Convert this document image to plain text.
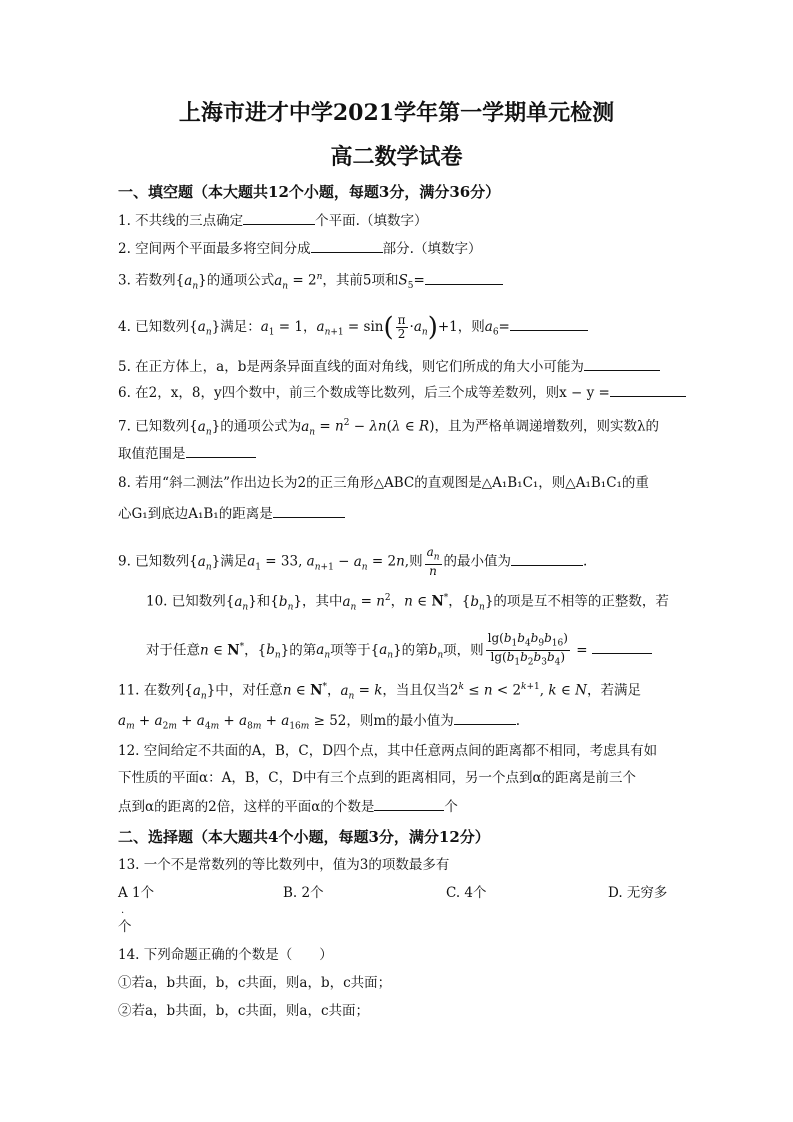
上海市进才中学2021学年第一学期单元检测
高二数学试卷
一、填空题（本大题共12个小题，每题3分，满分36分）
1. 不共线的三点确定	个平面.（填数字）
2. 空间两个平面最多将空间分成	部分.（填数字）
3. 若数列$\{a_n\}$的通项公式$a_n = 2^n$，其前5项和$S_5=$
4. 已知数列$\{a_n\}$满足：$a_1 = 1$，$a_{n+1} = \sin( \frac{\pi}{2} \cdot a_n)+1$，则$a_6=$
5. 在正方体上，a，b是两条异面直线的面对角线，则它们所成的角大小可能为
6. 在2，x，8，y四个数中，前三个数成等比数列，后三个成等差数列，则x − y =
7. 已知数列$\{a_n\}$的通项公式为$a_n = n^2 - \lambda n(\lambda$ ∈ R)，且为严格单调递增数列，则实数λ的
取值范围是
8. 若用“斜二测法”作出边长为2的正三角形△ABC的直观图是△A₁B₁C₁，则△A₁B₁C₁的重
心G₁到底边A₁B₁的距离是
9. 已知数列$\{a_n\}$满足$a_1 = 33$, $a_{n+1} - a_n = 2n$,则 $\frac{a_n}{n}$ 的最小值为	.
10. 已知数列$\{a_n\}$和$\{b_n\}$，其中$a_n = n^2$，n ∈ N*，$\{b_n\}$的项是互不相等的正整数，若
对于任意n ∈ N*，$\{b_n\}$的第$a_n$项等于$\{a_n\}$的第$b_n$项，则 $\frac{\lg(b_1b_4b_9b_{16})}{\lg(b_1b_2b_3b_4)}$ =
11. 在数列$\{a_n\}$中，对任意n ∈ N*，$a_n = k$，当且仅当$2^k \le n < 2^{k+1}$, k ∈ N，若满足
$a_m + a_{2m} + a_{4m} + a_{8m} + a_{16m} \ge 52$，则m的最小值为	.
12. 空间给定不共面的A，B，C，D四个点，其中任意两点间的距离都不相同，考虑具有如
下性质的平面α：A，B，C，D中有三个点到的距离相同，另一个点到α的距离是前三个
点到α的距离的2倍，这样的平面α的个数是	个
二、选择题（本大题共4个小题，每题3分，满分12分）
13. 一个不是常数列的等比数列中，值为3的项数最多有
A 1个
.
B. 2个	C. 4个	D. 无穷多
个
14. 下列命题正确的个数是（　　）
①若a，b共面，b，c共面，则a，b，c共面；
②若a，b共面，b，c共面，则a，c共面；
